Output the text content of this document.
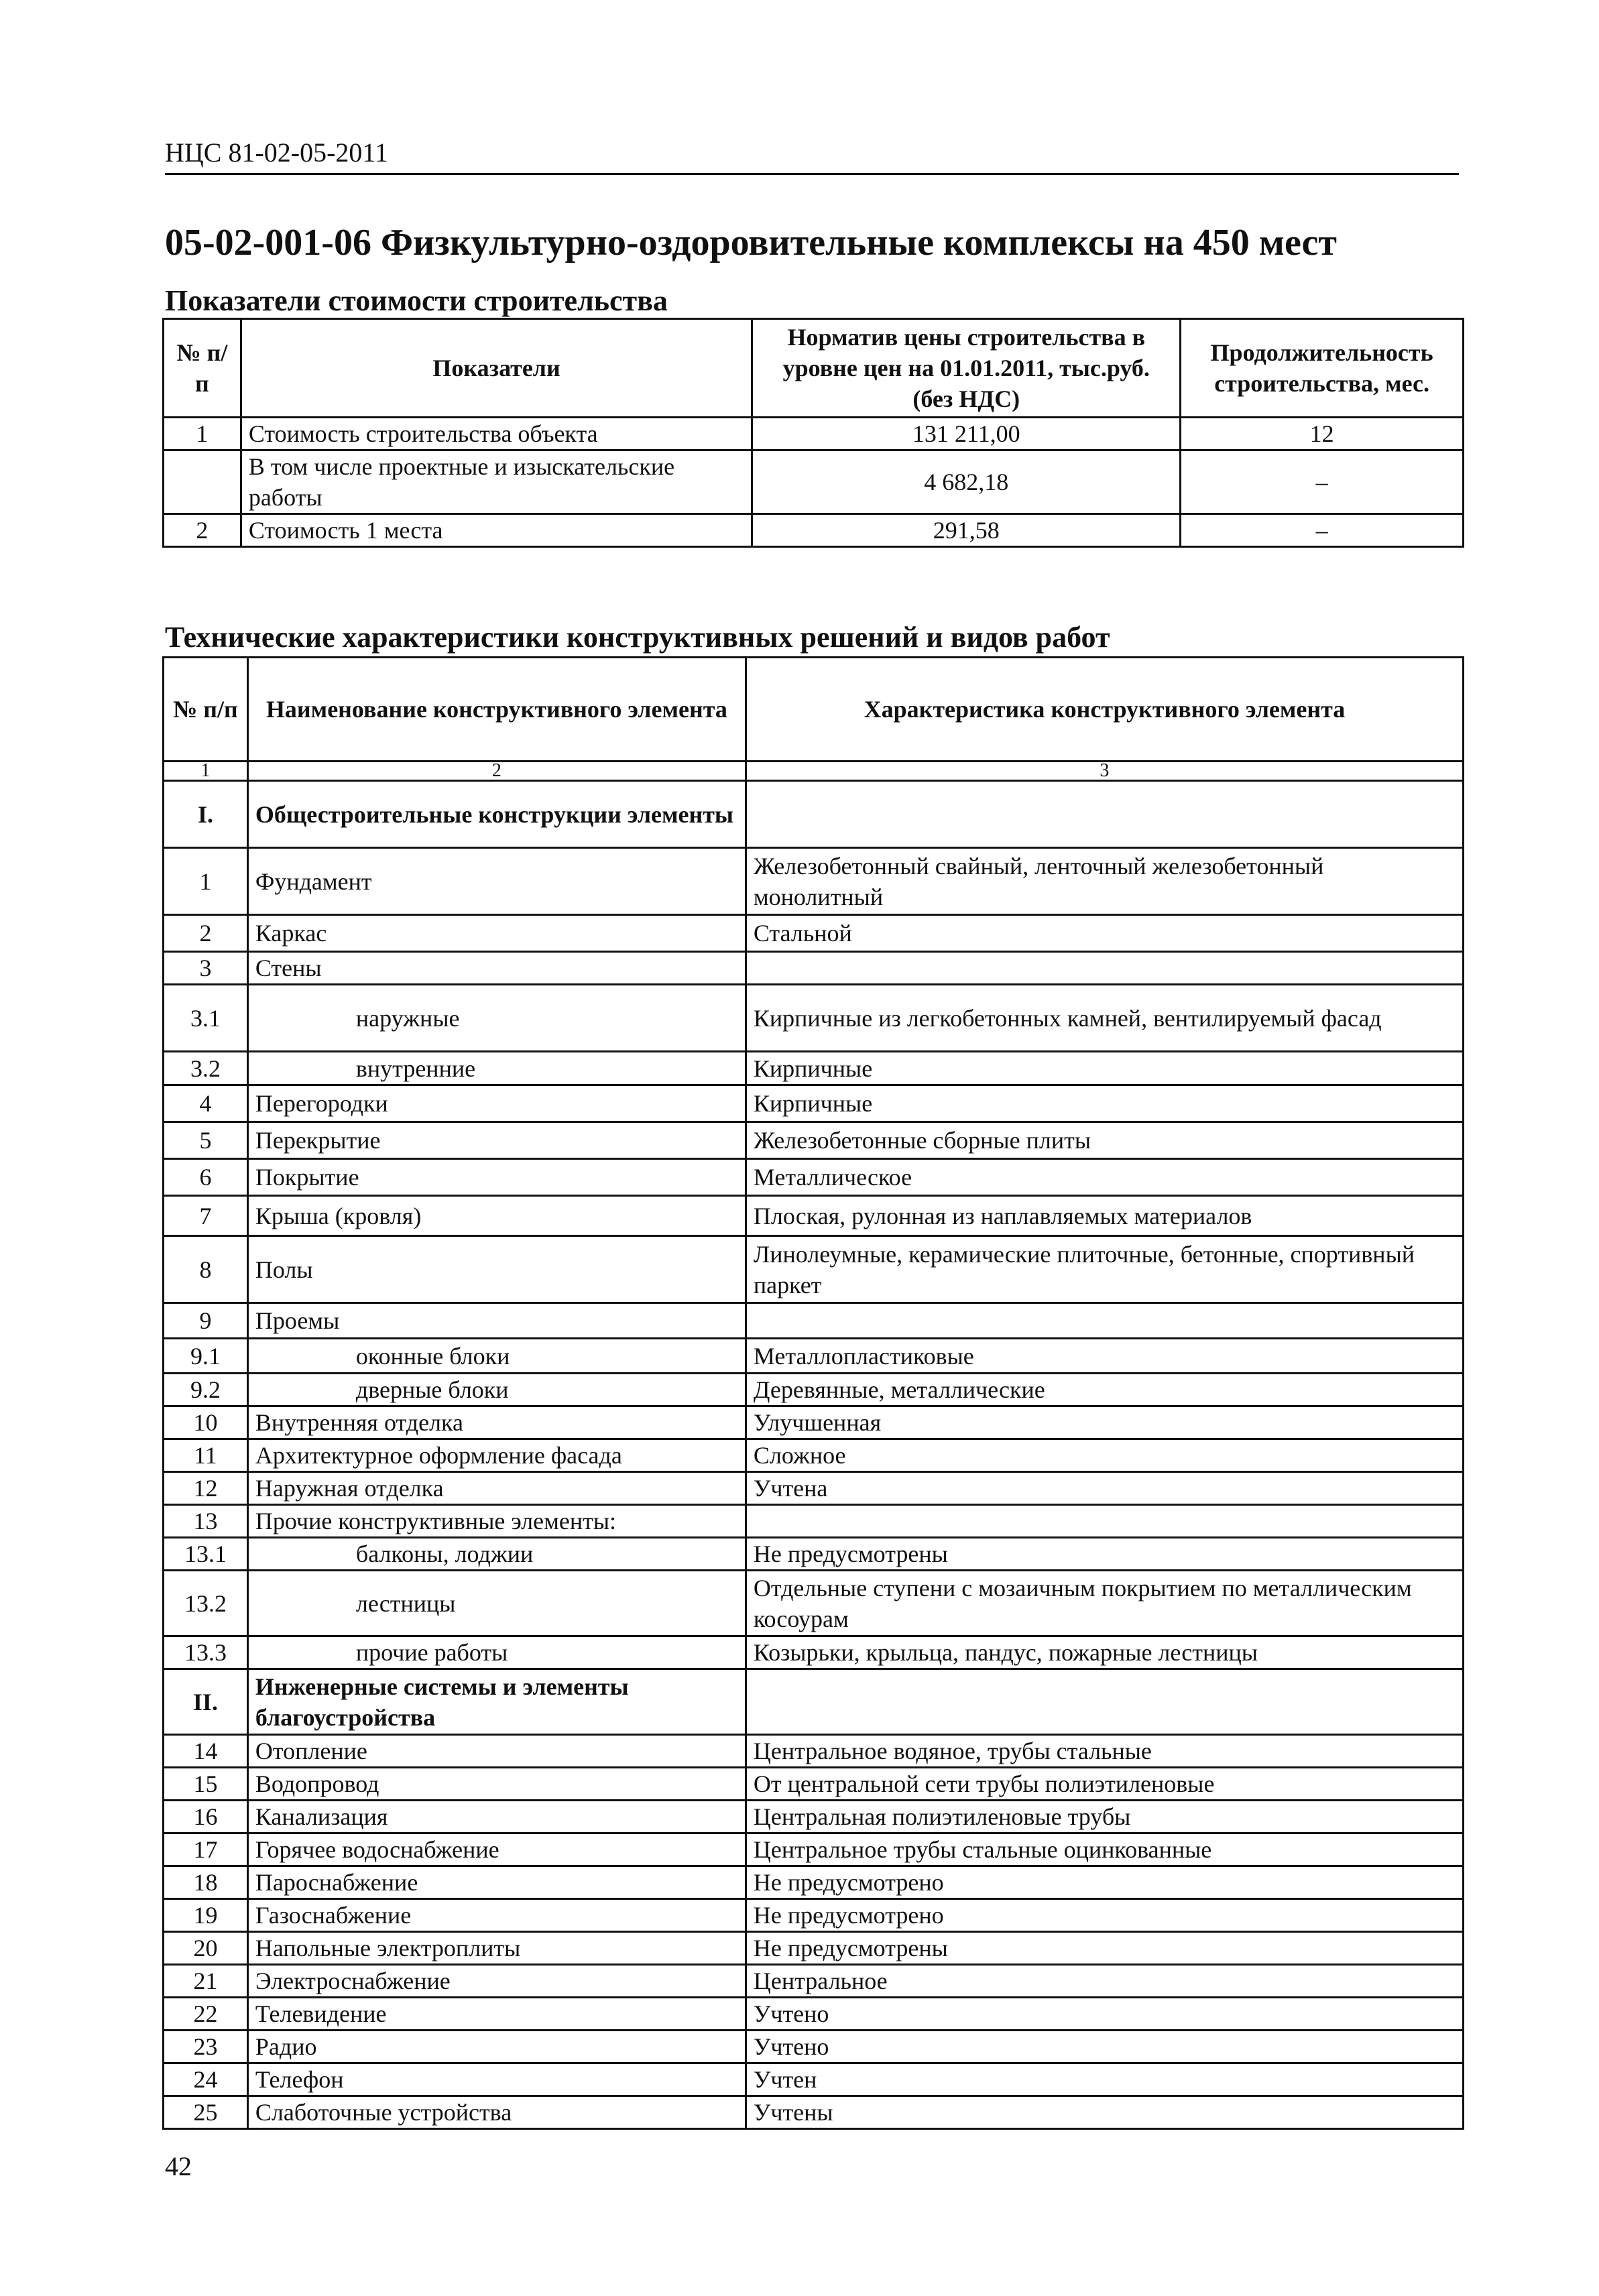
НЦС 81-02-05-2011
05-02-001-06 Физкультурно-оздоровительные комплексы на 450 мест
Показатели стоимости строительства
№ п/п	Показатели	Норматив цены строительства в уровне цен на 01.01.2011, тыс.руб. (без НДС)	Продолжительность строительства, мес.
1	Стоимость строительства объекта	131 211,00	12
	В том числе проектные и изыскательские работы	4 682,18	–
2	Стоимость 1 места	291,58	–
Технические характеристики конструктивных решений и видов работ
№ п/п	Наименование конструктивного элемента	Характеристика конструктивного элемента
1	2	3
I.	Общестроительные конструкции элементы	
1	Фундамент	Железобетонный свайный, ленточный железобетонный монолитный
2	Каркас	Стальной
3	Стены	
3.1	наружные	Кирпичные из легкобетонных камней, вентилируемый фасад
3.2	внутренние	Кирпичные
4	Перегородки	Кирпичные
5	Перекрытие	Железобетонные сборные плиты
6	Покрытие	Металлическое
7	Крыша (кровля)	Плоская, рулонная из наплавляемых материалов
8	Полы	Линолеумные, керамические плиточные, бетонные, спортивный паркет
9	Проемы	
9.1	оконные блоки	Металлопластиковые
9.2	дверные блоки	Деревянные, металлические
10	Внутренняя отделка	Улучшенная
11	Архитектурное оформление фасада	Сложное
12	Наружная отделка	Учтена
13	Прочие конструктивные элементы:	
13.1	балконы, лоджии	Не предусмотрены
13.2	лестницы	Отдельные ступени с мозаичным покрытием по металлическим косоурам
13.3	прочие работы	Козырьки, крыльца, пандус, пожарные лестницы
II.	Инженерные системы и элементы благоустройства	
14	Отопление	Центральное водяное, трубы стальные
15	Водопровод	От центральной сети трубы полиэтиленовые
16	Канализация	Центральная полиэтиленовые трубы
17	Горячее водоснабжение	Центральное трубы стальные оцинкованные
18	Пароснабжение	Не предусмотрено
19	Газоснабжение	Не предусмотрено
20	Напольные электроплиты	Не предусмотрены
21	Электроснабжение	Центральное
22	Телевидение	Учтено
23	Радио	Учтено
24	Телефон	Учтен
25	Слаботочные устройства	Учтены
42
